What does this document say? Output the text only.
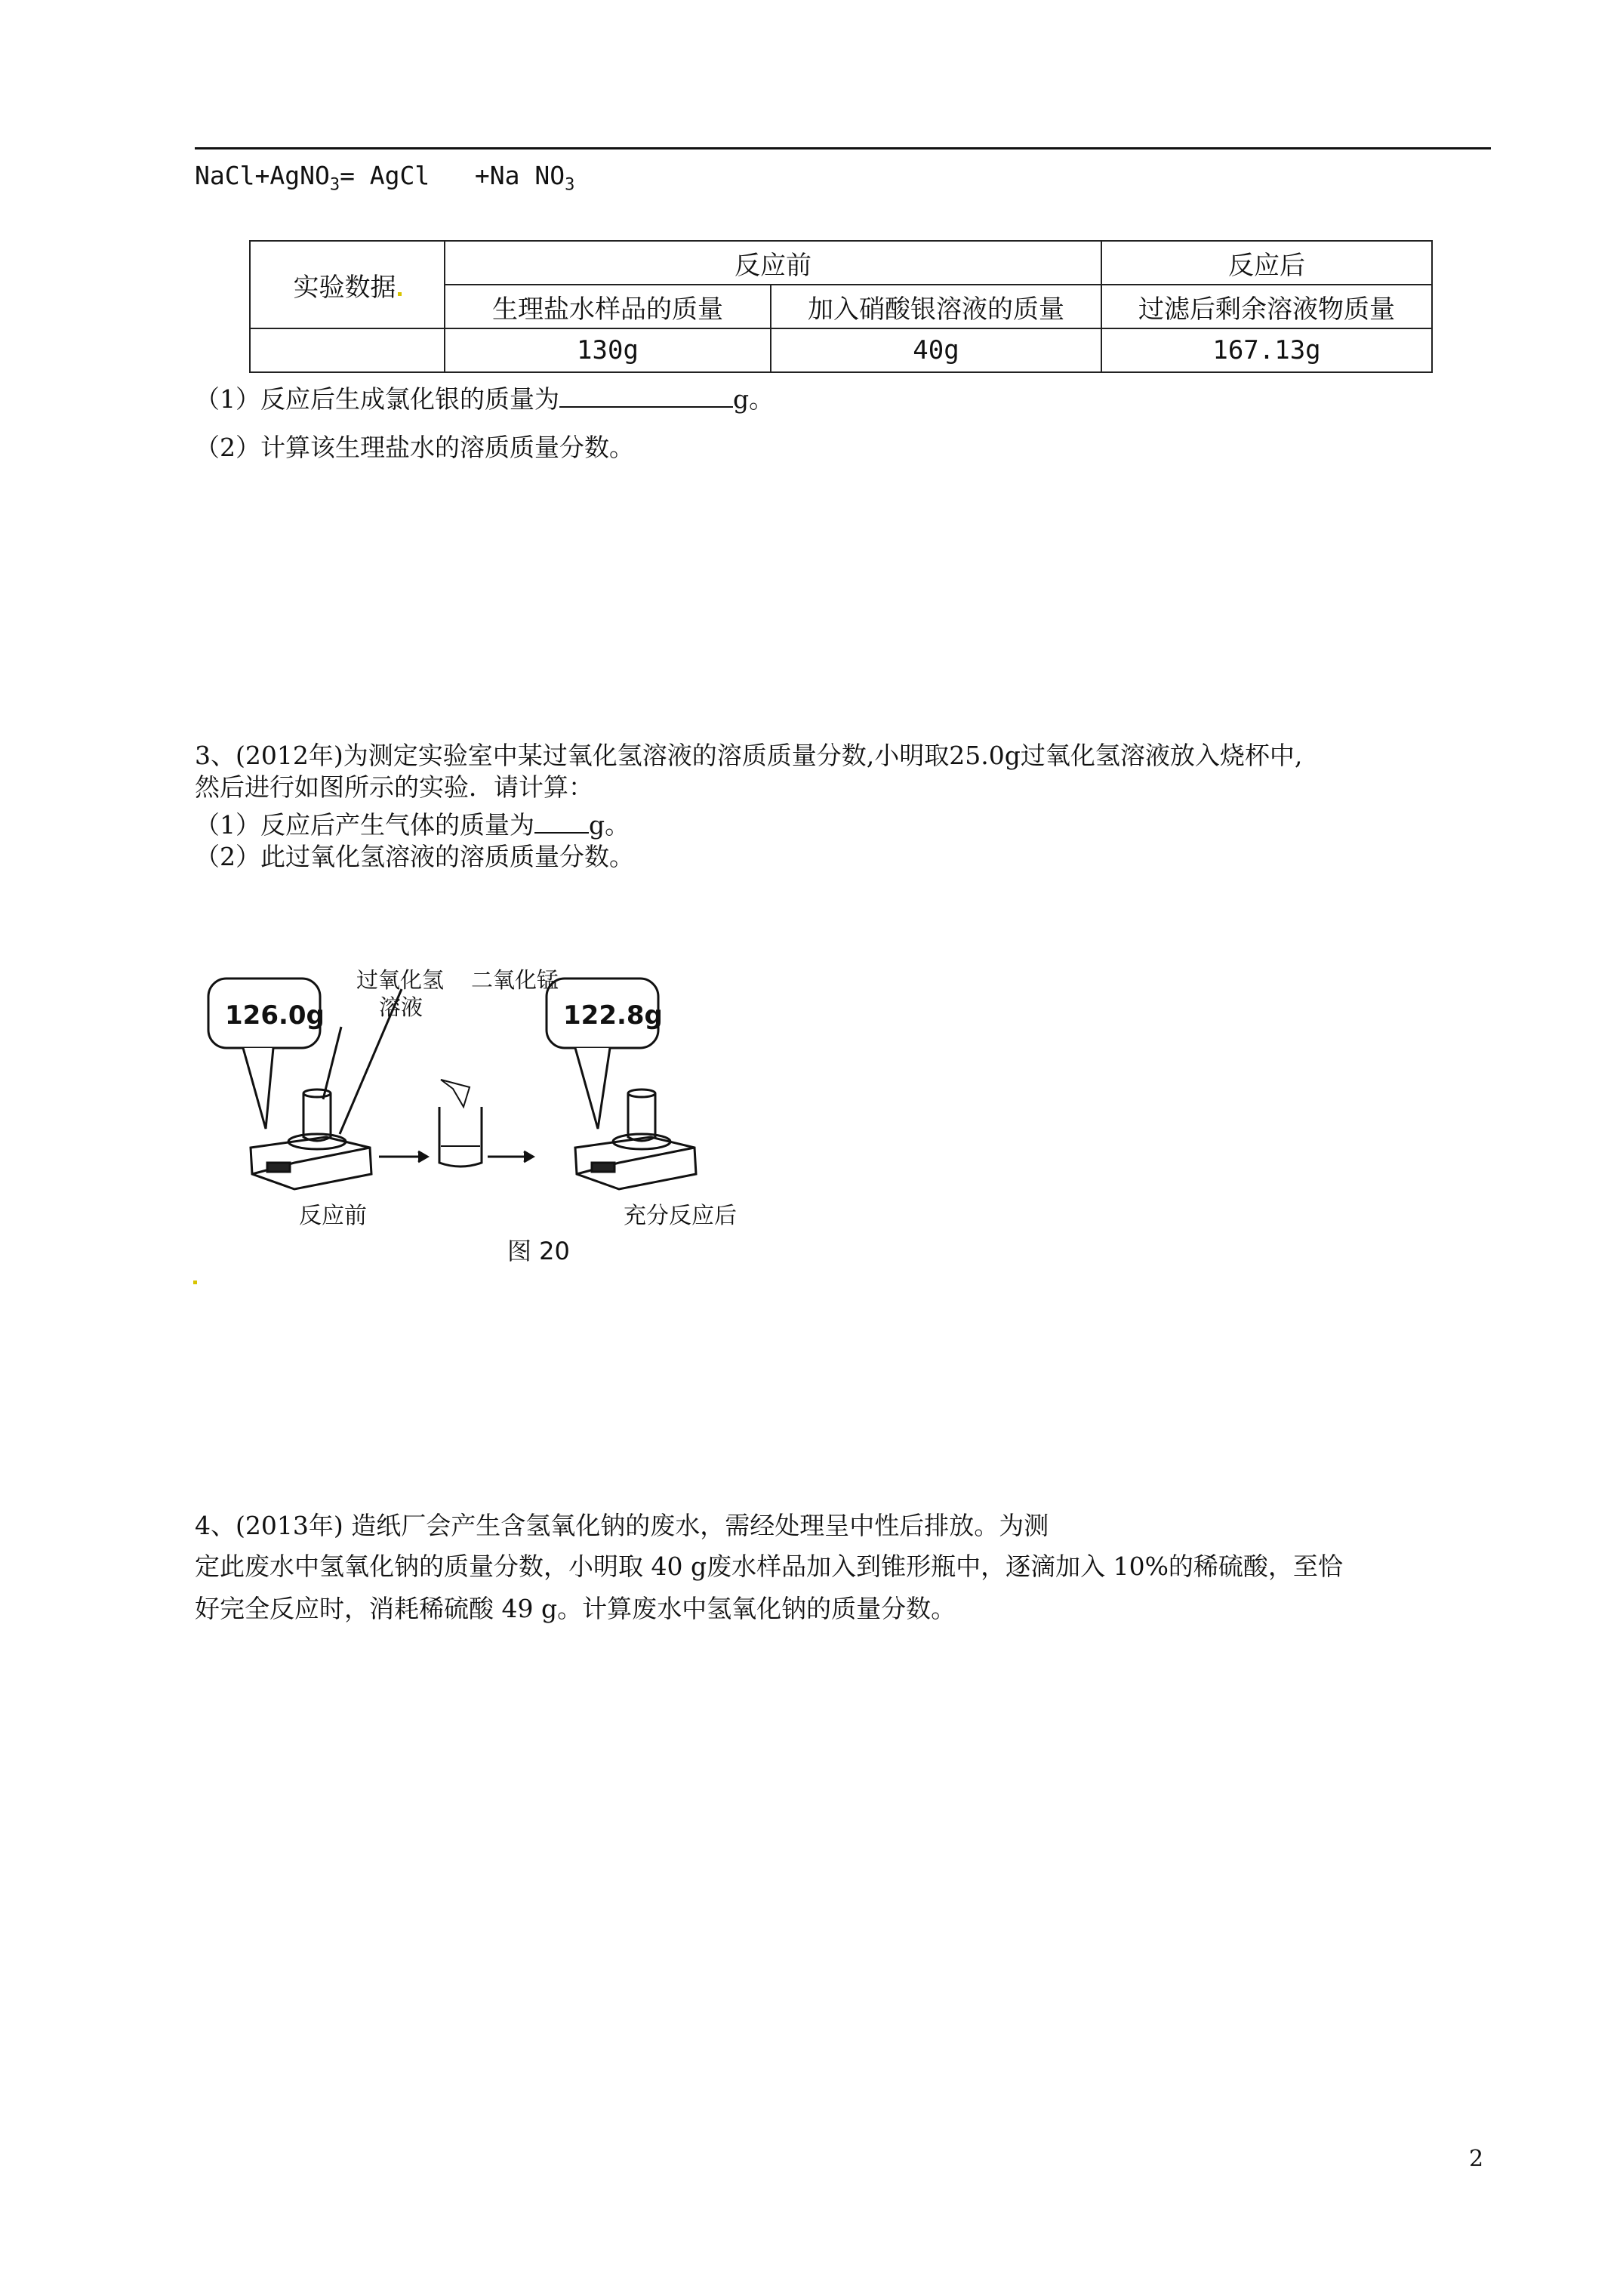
NaCl+AgNO$_3$= AgCl   +Na $NO_3$
实验数据	反应前		反应后
	生理盐水样品的质量	加入硝酸银溶液的质量	过滤后剩余溶液物质量
	130g	40g	167.13g
（1）反应后生成氯化银的质量为	g。
（2）计算该生理盐水的溶质质量分数。
3、(2012年)为测定实验室中某过氧化氢溶液的溶质质量分数,小明取25.0g过氧化氢溶液放入烧杯中,
然后进行如图所示的实验．请计算：
（1）反应后产生气体的质量为 g。
（2）此过氧化氢溶液的溶质质量分数。
126.0g	122.8g
过氧化氢
溶液
二氧化锰
反应前	充分反应后
图 20
4、(2013年) 造纸厂会产生含氢氧化钠的废水，需经处理呈中性后排放。为测
定此废水中氢氧化钠的质量分数，小明取 40 g废水样品加入到锥形瓶中，逐滴加入 10%的稀硫酸，至恰
好完全反应时，消耗稀硫酸 49 g。计算废水中氢氧化钠的质量分数。
2
